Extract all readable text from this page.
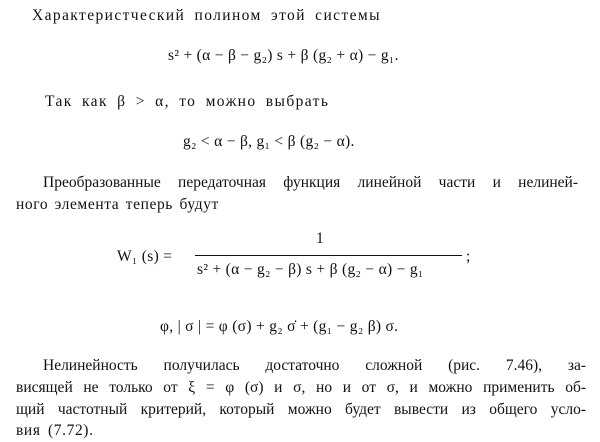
Характеристческий полином этой системы
s² + (α − β − g₂) s + β (g₂ + α) − g₁.
Так как β > α, то можно выбрать
g₂ < α − β, g₁ < β (g₂ − α).
Преобразованные передаточная функция линейной части и нелиней-
ного элемента теперь будут
W₁ (s) =
1
s² + (α − g₂ − β) s + β (g₂ − α) − g₁
;
φ, | σ | = φ (σ) + g₂ σ̇ + (g₁ − g₂ β) σ.
Нелинейность получилась достаточно сложной (рис. 7.46), за-
висящей не только от ξ = φ (σ) и σ, но и от σ, и можно применить об-
щий частотный критерий, который можно будет вывести из общего усло-
вия (7.72).
